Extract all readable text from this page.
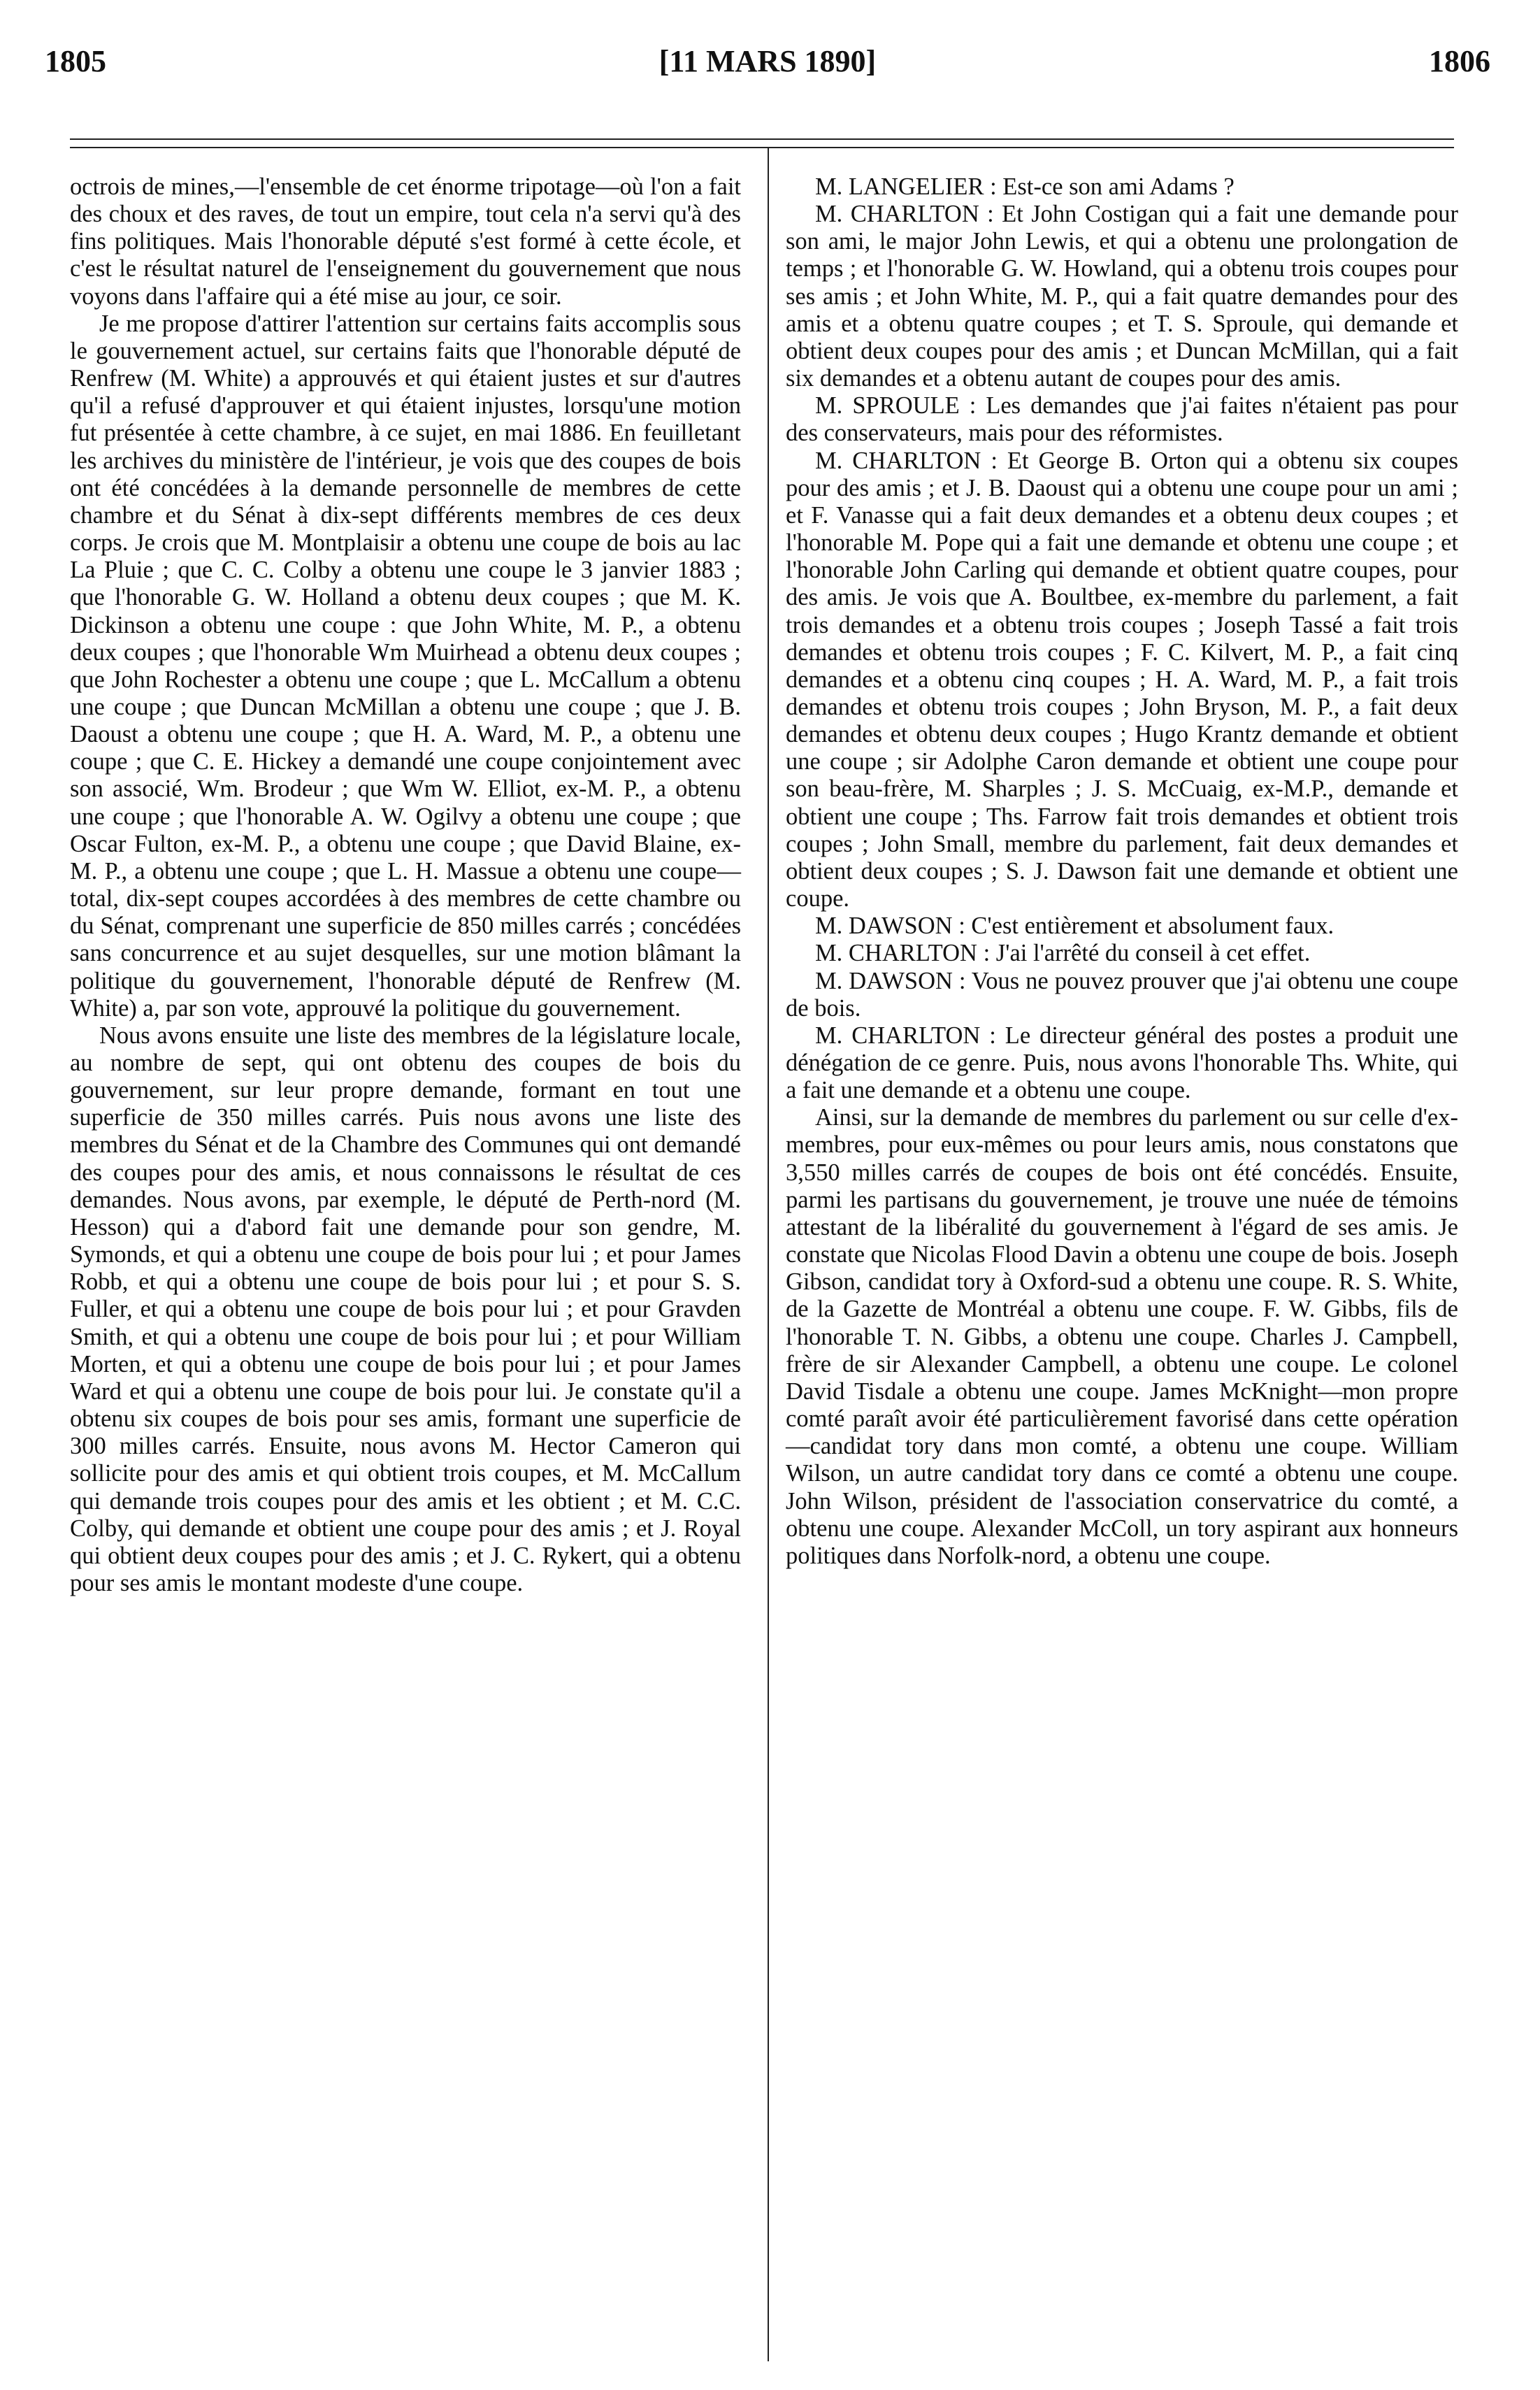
1805	[11 MARS 1890]	1806

octrois de mines,—l'ensemble de cet énorme tripotage—où l'on a fait des choux et des raves, de tout un empire, tout cela n'a servi qu'à des fins politiques. Mais l'honorable député s'est formé à cette école, et c'est le résultat naturel de l'enseignement du gouvernement que nous voyons dans l'affaire qui a été mise au jour, ce soir.

Je me propose d'attirer l'attention sur certains faits accomplis sous le gouvernement actuel, sur certains faits que l'honorable député de Renfrew (M. White) a approuvés et qui étaient justes et sur d'autres qu'il a refusé d'approuver et qui étaient injustes, lorsqu'une motion fut présentée à cette chambre, à ce sujet, en mai 1886. En feuilletant les archives du ministère de l'intérieur, je vois que des coupes de bois ont été concédées à la demande personnelle de membres de cette chambre et du Sénat à dix-sept différents membres de ces deux corps. Je crois que M. Montplaisir a obtenu une coupe de bois au lac La Pluie ; que C. C. Colby a obtenu une coupe le 3 janvier 1883 ; que l'honorable G. W. Holland a obtenu deux coupes ; que M. K. Dickinson a obtenu une coupe : que John White, M. P., a obtenu deux coupes ; que l'honorable Wm Muirhead a obtenu deux coupes ; que John Rochester a obtenu une coupe ; que L. McCallum a obtenu une coupe ; que Duncan McMillan a obtenu une coupe ; que J. B. Daoust a obtenu une coupe ; que H. A. Ward, M. P., a obtenu une coupe ; que C. E. Hickey a demandé une coupe conjointement avec son associé, Wm. Brodeur ; que Wm W. Elliot, ex-M. P., a obtenu une coupe ; que l'honorable A. W. Ogilvy a obtenu une coupe ; que Oscar Fulton, ex-M. P., a obtenu une coupe ; que David Blaine, ex-M. P., a obtenu une coupe ; que L. H. Massue a obtenu une coupe—total, dix-sept coupes accordées à des membres de cette chambre ou du Sénat, comprenant une superficie de 850 milles carrés ; concédées sans concurrence et au sujet desquelles, sur une motion blâmant la politique du gouvernement, l'honorable député de Renfrew (M. White) a, par son vote, approuvé la politique du gouvernement.

Nous avons ensuite une liste des membres de la législature locale, au nombre de sept, qui ont obtenu des coupes de bois du gouvernement, sur leur propre demande, formant en tout une superficie de 350 milles carrés. Puis nous avons une liste des membres du Sénat et de la Chambre des Communes qui ont demandé des coupes pour des amis, et nous connaissons le résultat de ces demandes. Nous avons, par exemple, le député de Perth-nord (M. Hesson) qui a d'abord fait une demande pour son gendre, M. Symonds, et qui a obtenu une coupe de bois pour lui ; et pour James Robb, et qui a obtenu une coupe de bois pour lui ; et pour S. S. Fuller, et qui a obtenu une coupe de bois pour lui ; et pour Gravden Smith, et qui a obtenu une coupe de bois pour lui ; et pour William Morten, et qui a obtenu une coupe de bois pour lui ; et pour James Ward et qui a obtenu une coupe de bois pour lui. Je constate qu'il a obtenu six coupes de bois pour ses amis, formant une superficie de 300 milles carrés. Ensuite, nous avons M. Hector Cameron qui sollicite pour des amis et qui obtient trois coupes, et M. McCallum qui demande trois coupes pour des amis et les obtient ; et M. C.C. Colby, qui demande et obtient une coupe pour des amis ; et J. Royal qui obtient deux coupes pour des amis ; et J. C. Rykert, qui a obtenu pour ses amis le montant modeste d'une coupe.

M. LANGELIER : Est-ce son ami Adams ?

M. CHARLTON : Et John Costigan qui a fait une demande pour son ami, le major John Lewis, et qui a obtenu une prolongation de temps ; et l'honorable G. W. Howland, qui a obtenu trois coupes pour ses amis ; et John White, M. P., qui a fait quatre demandes pour des amis et a obtenu quatre coupes ; et T. S. Sproule, qui demande et obtient deux coupes pour des amis ; et Duncan McMillan, qui a fait six demandes et a obtenu autant de coupes pour des amis.

M. SPROULE : Les demandes que j'ai faites n'étaient pas pour des conservateurs, mais pour des réformistes.

M. CHARLTON : Et George B. Orton qui a obtenu six coupes pour des amis ; et J. B. Daoust qui a obtenu une coupe pour un ami ; et F. Vanasse qui a fait deux demandes et a obtenu deux coupes ; et l'honorable M. Pope qui a fait une demande et obtenu une coupe ; et l'honorable John Carling qui demande et obtient quatre coupes, pour des amis. Je vois que A. Boultbee, ex-membre du parlement, a fait trois demandes et a obtenu trois coupes ; Joseph Tassé a fait trois demandes et obtenu trois coupes ; F. C. Kilvert, M. P., a fait cinq demandes et a obtenu cinq coupes ; H. A. Ward, M. P., a fait trois demandes et obtenu trois coupes ; John Bryson, M. P., a fait deux demandes et obtenu deux coupes ; Hugo Krantz demande et obtient une coupe ; sir Adolphe Caron demande et obtient une coupe pour son beau-frère, M. Sharples ; J. S. McCuaig, ex-M.P., demande et obtient une coupe ; Ths. Farrow fait trois demandes et obtient trois coupes ; John Small, membre du parlement, fait deux demandes et obtient deux coupes ; S. J. Dawson fait une demande et obtient une coupe.

M. DAWSON : C'est entièrement et absolument faux.

M. CHARLTON : J'ai l'arrêté du conseil à cet effet.

M. DAWSON : Vous ne pouvez prouver que j'ai obtenu une coupe de bois.

M. CHARLTON : Le directeur général des postes a produit une dénégation de ce genre. Puis, nous avons l'honorable Ths. White, qui a fait une demande et a obtenu une coupe.

Ainsi, sur la demande de membres du parlement ou sur celle d'ex-membres, pour eux-mêmes ou pour leurs amis, nous constatons que 3,550 milles carrés de coupes de bois ont été concédés. Ensuite, parmi les partisans du gouvernement, je trouve une nuée de témoins attestant de la libéralité du gouvernement à l'égard de ses amis. Je constate que Nicolas Flood Davin a obtenu une coupe de bois. Joseph Gibson, candidat tory à Oxford-sud a obtenu une coupe. R. S. White, de la Gazette de Montréal a obtenu une coupe. F. W. Gibbs, fils de l'honorable T. N. Gibbs, a obtenu une coupe. Charles J. Campbell, frère de sir Alexander Campbell, a obtenu une coupe. Le colonel David Tisdale a obtenu une coupe. James McKnight—mon propre comté paraît avoir été particulièrement favorisé dans cette opération—candidat tory dans mon comté, a obtenu une coupe. William Wilson, un autre candidat tory dans ce comté a obtenu une coupe. John Wilson, président de l'association conservatrice du comté, a obtenu une coupe. Alexander McColl, un tory aspirant aux honneurs politiques dans Norfolk-nord, a obtenu une coupe.
